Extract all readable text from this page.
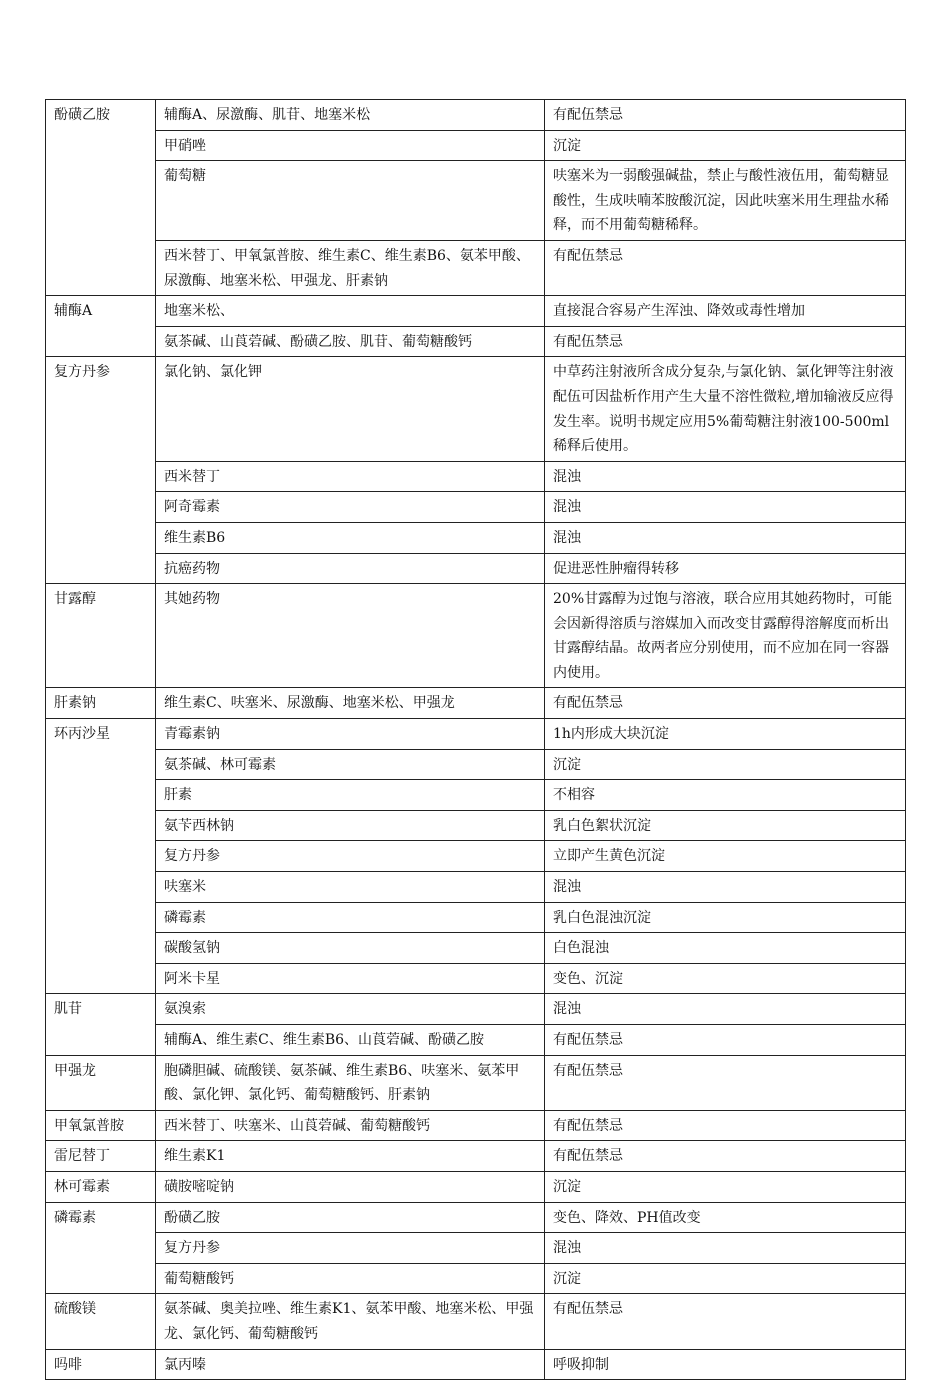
酚磺乙胺	辅酶A、尿激酶、肌苷、地塞米松	有配伍禁忌
	甲硝唑	沉淀
	葡萄糖	呋塞米为一弱酸强碱盐，禁止与酸性液伍用，葡萄糖显酸性，生成呋喃苯胺酸沉淀，因此呋塞米用生理盐水稀释，而不用葡萄糖稀释。
	西米替丁、甲氧氯普胺、维生素C、维生素B6、氨苯甲酸、尿激酶、地塞米松、甲强龙、肝素钠	有配伍禁忌
辅酶A	地塞米松、	直接混合容易产生浑浊、降效或毒性增加
	氨茶碱、山莨菪碱、酚磺乙胺、肌苷、葡萄糖酸钙	有配伍禁忌
复方丹参	氯化钠、氯化钾	中草药注射液所含成分复杂,与氯化钠、氯化钾等注射液配伍可因盐析作用产生大量不溶性微粒,增加输液反应得发生率。说明书规定应用5%葡萄糖注射液100-500ml稀释后使用。
	西米替丁	混浊
	阿奇霉素	混浊
	维生素B6	混浊
	抗癌药物	促进恶性肿瘤得转移
甘露醇	其她药物	20%甘露醇为过饱与溶液，联合应用其她药物时，可能会因新得溶质与溶媒加入而改变甘露醇得溶解度而析出甘露醇结晶。故两者应分别使用，而不应加在同一容器内使用。
肝素钠	维生素C、呋塞米、尿激酶、地塞米松、甲强龙	有配伍禁忌
环丙沙星	青霉素钠	1h内形成大块沉淀
	氨茶碱、林可霉素	沉淀
	肝素	不相容
	氨苄西林钠	乳白色絮状沉淀
	复方丹参	立即产生黄色沉淀
	呋塞米	混浊
	磷霉素	乳白色混浊沉淀
	碳酸氢钠	白色混浊
	阿米卡星	变色、沉淀
肌苷	氨溴索	混浊
	辅酶A、维生素C、维生素B6、山莨菪碱、酚磺乙胺	有配伍禁忌
甲强龙	胞磷胆碱、硫酸镁、氨茶碱、维生素B6、呋塞米、氨苯甲酸、氯化钾、氯化钙、葡萄糖酸钙、肝素钠	有配伍禁忌
甲氧氯普胺	西米替丁、呋塞米、山莨菪碱、葡萄糖酸钙	有配伍禁忌
雷尼替丁	维生素K1	有配伍禁忌
林可霉素	磺胺嘧啶钠	沉淀
磷霉素	酚磺乙胺	变色、降效、PH值改变
	复方丹参	混浊
	葡萄糖酸钙	沉淀
硫酸镁	氨茶碱、奥美拉唑、维生素K1、氨苯甲酸、地塞米松、甲强龙、氯化钙、葡萄糖酸钙	有配伍禁忌
吗啡	氯丙嗪	呼吸抑制
